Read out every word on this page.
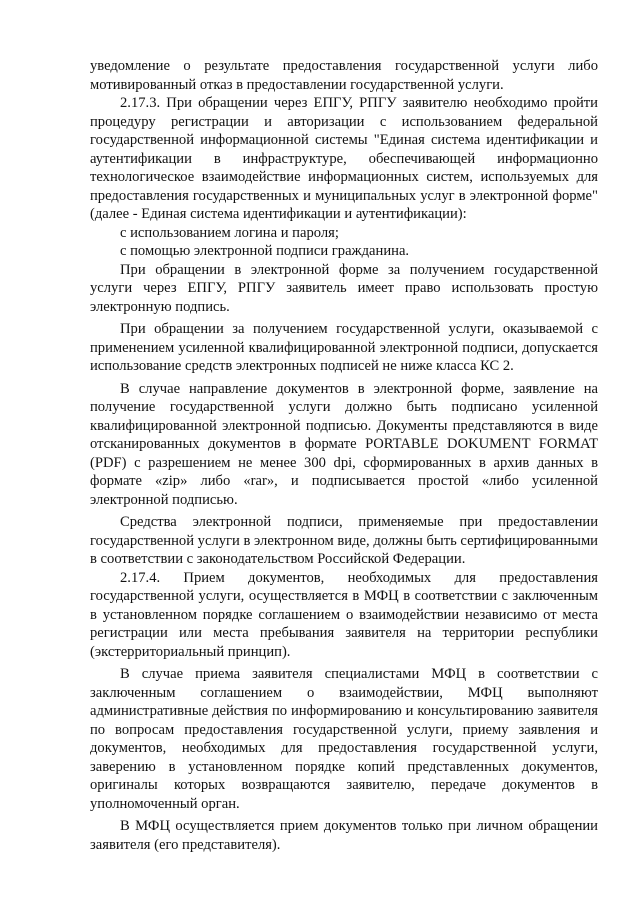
уведомление о результате предоставления государственной услуги либо мотивированный отказ в предоставлении государственной услуги.

2.17.3. При обращении через ЕПГУ, РПГУ заявителю необходимо пройти процедуру регистрации и авторизации с использованием федеральной государственной информационной системы "Единая система идентификации и аутентификации в инфраструктуре, обеспечивающей информационно технологическое взаимодействие информационных систем, используемых для предоставления государственных и муниципальных услуг в электронной форме" (далее - Единая система идентификации и аутентификации):

с использованием логина и пароля;

с помощью электронной подписи гражданина.

При обращении в электронной форме за получением государственной услуги через ЕПГУ, РПГУ заявитель имеет право использовать простую электронную подпись.

При обращении за получением государственной услуги, оказываемой с применением усиленной квалифицированной электронной подписи, допускается использование средств электронных подписей не ниже класса КС 2.

В случае направление документов в электронной форме, заявление на получение государственной услуги должно быть подписано усиленной квалифицированной электронной подписью. Документы представляются в виде отсканированных документов в формате PORTABLE DOKUMENT FORMAT (PDF) с разрешением не менее 300 dpi, сформированных в архив данных в формате «zip» либо «rar», и подписывается простой «либо усиленной электронной подписью.

Средства электронной подписи, применяемые при предоставлении государственной услуги в электронном виде, должны быть сертифицированными в соответствии с законодательством Российской Федерации.

2.17.4. Прием документов, необходимых для предоставления государственной услуги, осуществляется в МФЦ в соответствии с заключенным в установленном порядке соглашением о взаимодействии независимо от места регистрации или места пребывания заявителя на территории республики (экстерриториальный принцип).

В случае приема заявителя специалистами МФЦ в соответствии с заключенным соглашением о взаимодействии, МФЦ выполняют административные действия по информированию и консультированию заявителя по вопросам предоставления государственной услуги, приему заявления и документов, необходимых для предоставления государственной услуги, заверению в установленном порядке копий представленных документов, оригиналы которых возвращаются заявителю, передаче документов в уполномоченный орган.

В МФЦ осуществляется прием документов только при личном обращении заявителя (его представителя).
